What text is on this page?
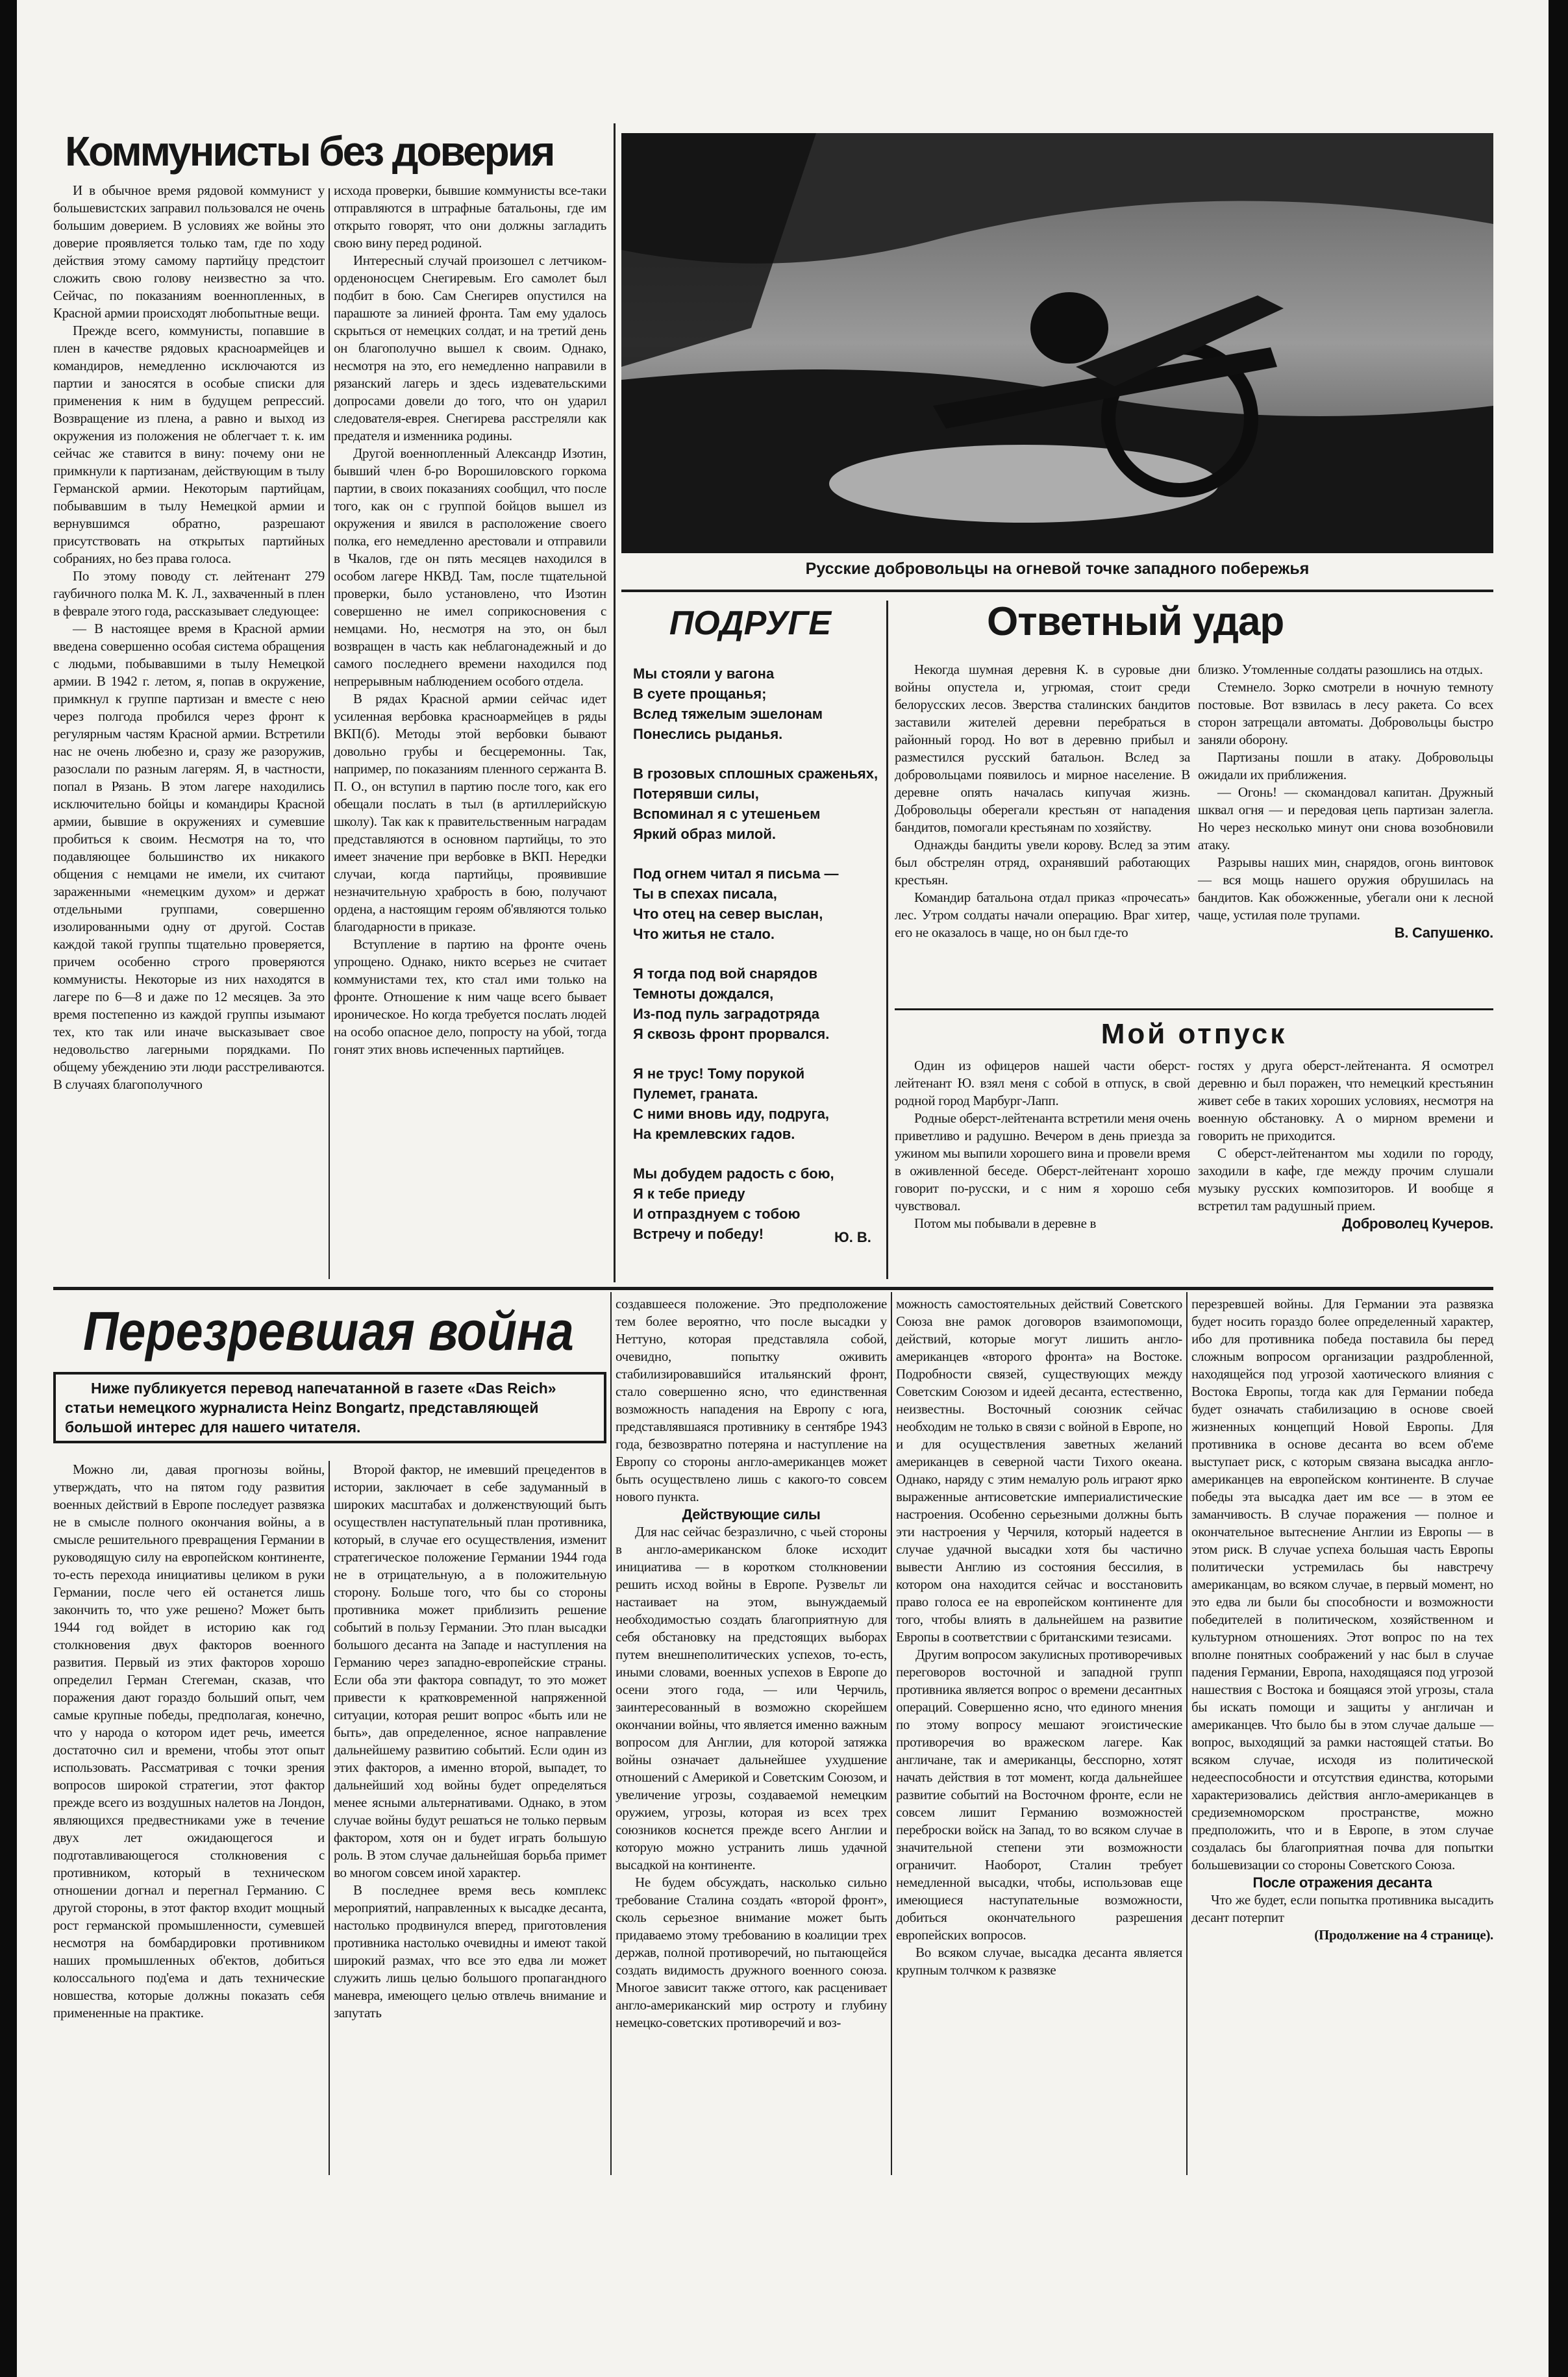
Коммунисты без доверия

И в обычное время рядовой коммунист у большевистских заправил пользовался не очень большим доверием. В условиях же войны это доверие проявляется только там, где по ходу действия этому самому партийцу предстоит сложить свою голову неизвестно за что. Сейчас, по показаниям военнопленных, в Красной армии происходят любопытные вещи.

Прежде всего, коммунисты, попавшие в плен в качестве рядовых красноармейцев и командиров, немедленно исключаются из партии и заносятся в особые списки для применения к ним в будущем репрессий. Возвращение из плена, а равно и выход из окружения из положения не облегчает т. к. им сейчас же ставится в вину: почему они не примкнули к партизанам, действующим в тылу Германской армии. Некоторым партийцам, побывавшим в тылу Немецкой армии и вернувшимся обратно, разрешают присутствовать на открытых партийных собраниях, но без права голоса.

По этому поводу ст. лейтенант 279 гаубичного полка М. К. Л., захваченный в плен в феврале этого года, рассказывает следующее:

— В настоящее время в Красной армии введена совершенно особая система обращения с людьми, побывавшими в тылу Немецкой армии. В 1942 г. летом, я, попав в окружение, примкнул к группе партизан и вместе с нею через полгода пробился через фронт к регулярным частям Красной армии. Встретили нас не очень любезно и, сразу же разоружив, разослали по разным лагерям. Я, в частности, попал в Рязань. В этом лагере находились исключительно бойцы и командиры Красной армии, бывшие в окружениях и сумевшие пробиться к своим. Несмотря на то, что подавляющее большинство их никакого общения с немцами не имели, их считают зараженными «немецким духом» и держат отдельными группами, совершенно изолированными одну от другой. Состав каждой такой группы тщательно проверяется, причем особенно строго проверяются коммунисты. Некоторые из них находятся в лагере по 6—8 и даже по 12 месяцев. За это время постепенно из каждой группы изымают тех, кто так или иначе высказывает свое недовольство лагерными порядками. По общему убеждению эти люди расстреливаются. В случаях благополучного

исхода проверки, бывшие коммунисты все-таки отправляются в штрафные батальоны, где им открыто говорят, что они должны загладить свою вину перед родиной.

Интересный случай произошел с летчиком-орденоносцем Снегиревым. Его самолет был подбит в бою. Сам Снегирев опустился на парашюте за линией фронта. Там ему удалось скрыться от немецких солдат, и на третий день он благополучно вышел к своим. Однако, несмотря на это, его немедленно направили в рязанский лагерь и здесь издевательскими допросами довели до того, что он ударил следователя-еврея. Снегирева расстреляли как предателя и изменника родины.

Другой военнопленный Александр Изотин, бывший член б-ро Ворошиловского горкома партии, в своих показаниях сообщил, что после того, как он с группой бойцов вышел из окружения и явился в расположение своего полка, его немедленно арестовали и отправили в Чкалов, где он пять месяцев находился в особом лагере НКВД. Там, после тщательной проверки, было установлено, что Изотин совершенно не имел соприкосновения с немцами. Но, несмотря на это, он был возвращен в часть как неблагонадежный и до самого последнего времени находился под непрерывным наблюдением особого отдела.

В рядах Красной армии сейчас идет усиленная вербовка красноармейцев в ряды ВКП(б). Методы этой вербовки бывают довольно грубы и бесцеремонны. Так, например, по показаниям пленного сержанта В. П. О., он вступил в партию после того, как его обещали послать в тыл (в артиллерийскую школу). Так как к правительственным наградам представляются в основном партийцы, то это имеет значение при вербовке в ВКП. Нередки случаи, когда партийцы, проявившие незначительную храбрость в бою, получают ордена, а настоящим героям об'являются только благодарности в приказе.

Вступление в партию на фронте очень упрощено. Однако, никто всерьез не считает коммунистами тех, кто стал ими только на фронте. Отношение к ним чаще всего бывает ироническое. Но когда требуется послать людей на особо опасное дело, попросту на убой, тогда гонят этих вновь испеченных партийцев.

Русские добровольцы на огневой точке западного побережья
ПОДРУГЕ
Мы стояли у вагона
В суете прощанья;
Вслед тяжелым эшелонам
Понеслись рыданья.
В грозовых сплошных сраженьях,
Потерявши силы,
Вспоминал я с утешеньем
Яркий образ милой.
Под огнем читал я письма —
Ты в спехах писала,
Что отец на север выслан,
Что житья не стало.
Я тогда под вой снарядов
Темноты дождался,
Из-под пуль заградотряда
Я сквозь фронт прорвался.
Я не трус! Тому порукой
Пулемет, граната.
С ними вновь иду, подруга,
На кремлевских гадов.
Мы добудем радость с бою,
Я к тебе приеду
И отпразднуем с тобою
Встречу и победу!	Ю. В.
Ответный удар

Некогда шумная деревня К. в суровые дни войны опустела и, угрюмая, стоит среди белорусских лесов. Зверства сталинских бандитов заставили жителей деревни перебраться в районный город. Но вот в деревню прибыл и разместился русский батальон. Вслед за добровольцами появилось и мирное население. В деревне опять началась кипучая жизнь. Добровольцы оберегали крестьян от нападения бандитов, помогали крестьянам по хозяйству.

Однажды бандиты увели корову. Вслед за этим был обстрелян отряд, охранявший работающих крестьян.

Командир батальона отдал приказ «прочесать» лес. Утром солдаты начали операцию. Враг хитер, его не оказалось в чаще, но он был где-то

близко. Утомленные солдаты разошлись на отдых.

Стемнело. Зорко смотрели в ночную темноту постовые. Вот взвилась в лесу ракета. Со всех сторон затрещали автоматы. Добровольцы быстро заняли оборону.

Партизаны пошли в атаку. Добровольцы ожидали их приближения.

— Огонь! — скомандовал капитан. Дружный шквал огня — и передовая цепь партизан залегла. Но через несколько минут они снова возобновили атаку.

Разрывы наших мин, снарядов, огонь винтовок — вся мощь нашего оружия обрушилась на бандитов. Как обожженные, убегали они к лесной чаще, устилая поле трупами.

В. Сапушенко.

Мой отпуск

Один из офицеров нашей части оберст-лейтенант Ю. взял меня с собой в отпуск, в свой родной город Марбург-Лапп.

Родные оберст-лейтенанта встретили меня очень приветливо и радушно. Вечером в день приезда за ужином мы выпили хорошего вина и провели время в оживленной беседе. Оберст-лейтенант хорошо говорит по-русски, и с ним я хорошо себя чувствовал.

Потом мы побывали в деревне в

гостях у друга оберст-лейтенанта. Я осмотрел деревню и был поражен, что немецкий крестьянин живет себе в таких хороших условиях, несмотря на военную обстановку. А о мирном времени и говорить не приходится.

С оберст-лейтенантом мы ходили по городу, заходили в кафе, где между прочим слушали музыку русских композиторов. И вообще я встретил там радушный прием.

Доброволец Кучеров.

Перезревшая война
Ниже публикуется перевод напечатанной в газете «Das Reich» статьи немецкого журналиста Heinz Bongartz, представляющей большой интерес для нашего читателя.

Можно ли, давая прогнозы войны, утверждать, что на пятом году развития военных действий в Европе последует развязка не в смысле полного окончания войны, а в смысле решительного превращения Германии в руководящую силу на европейском континенте, то-есть перехода инициативы целиком в руки Германии, после чего ей останется лишь закончить то, что уже решено? Может быть 1944 год войдет в историю как год столкновения двух факторов военного развития. Первый из этих факторов хорошо определил Герман Стегеман, сказав, что поражения дают гораздо больший опыт, чем самые крупные победы, предполагая, конечно, что у народа о котором идет речь, имеется достаточно сил и времени, чтобы этот опыт использовать. Рассматривая с точки зрения вопросов широкой стратегии, этот фактор прежде всего из воздушных налетов на Лондон, являющихся предвестниками уже в течение двух лет ожидающегося и подготавливающегося столкновения с противником, который в техническом отношении догнал и перегнал Германию. С другой стороны, в этот фактор входит мощный рост германской промышленности, сумевшей несмотря на бомбардировки противником наших промышленных об'ектов, добиться колоссального под'ема и дать технические новшества, которые должны показать себя примененные на практике.

Второй фактор, не имевший прецедентов в истории, заключает в себе задуманный в широких масштабах и долженствующий быть осуществлен наступательный план противника, который, в случае его осуществления, изменит стратегическое положение Германии 1944 года не в отрицательную, а в положительную сторону. Больше того, что бы со стороны противника может приблизить решение событий в пользу Германии. Это план высадки большого десанта на Западе и наступления на Германию через западно-европейские страны. Если оба эти фактора совпадут, то это может привести к кратковременной напряженной ситуации, которая решит вопрос «быть или не быть», дав определенное, ясное направление дальнейшему развитию событий. Если один из этих факторов, а именно второй, выпадет, то дальнейший ход войны будет определяться менее ясными альтернативами. Однако, в этом случае войны будут решаться не только первым фактором, хотя он и будет играть большую роль. В этом случае дальнейшая борьба примет во многом совсем иной характер.

В последнее время весь комплекс мероприятий, направленных к высадке десанта, настолько продвинулся вперед, приготовления противника настолько очевидны и имеют такой широкий размах, что все это едва ли может служить лишь целью большого пропагандного маневра, имеющего целью отвлечь внимание и запутать

создавшееся положение. Это предположение тем более вероятно, что после высадки у Неттуно, которая представляла собой, очевидно, попытку оживить стабилизировавшийся итальянский фронт, стало совершенно ясно, что единственная возможность нападения на Европу с юга, представлявшаяся противнику в сентябре 1943 года, безвозвратно потеряна и наступление на Европу со стороны англо-американцев может быть осуществлено лишь с какого-то совсем нового пункта.

Действующие силы

Для нас сейчас безразлично, с чьей стороны в англо-американском блоке исходит инициатива — в коротком столкновении решить исход войны в Европе. Рузвельт ли настаивает на этом, вынуждаемый необходимостью создать благоприятную для себя обстановку на предстоящих выборах путем внешнеполитических успехов, то-есть, иными словами, военных успехов в Европе до осени этого года, — или Черчиль, заинтересованный в возможно скорейшем окончании войны, что является именно важным вопросом для Англии, для которой затяжка войны означает дальнейшее ухудшение отношений с Америкой и Советским Союзом, и увеличение угрозы, создаваемой немецким оружием, угрозы, которая из всех трех союзников коснется прежде всего Англии и которую можно устранить лишь удачной высадкой на континенте.

Не будем обсуждать, насколько сильно требование Сталина создать «второй фронт», сколь серьезное внимание может быть придаваемо этому требованию в коалиции трех держав, полной противоречий, но пытающейся создать видимость дружного военного союза. Многое зависит также оттого, как расценивает англо-американский мир остроту и глубину немецко-советских противоречий и воз-

можность самостоятельных действий Советского Союза вне рамок договоров взаимопомощи, действий, которые могут лишить англо-американцев «второго фронта» на Востоке. Подробности связей, существующих между Советским Союзом и идеей десанта, естественно, неизвестны. Восточный союзник сейчас необходим не только в связи с войной в Европе, но и для осуществления заветных желаний американцев в северной части Тихого океана. Однако, наряду с этим немалую роль играют ярко выраженные антисоветские империалистические настроения. Особенно серьезными должны быть эти настроения у Черчиля, который надеется в случае удачной высадки хотя бы частично вывести Англию из состояния бессилия, в котором она находится сейчас и восстановить право голоса ее на европейском континенте для того, чтобы влиять в дальнейшем на развитие Европы в соответствии с британскими тезисами.

Другим вопросом закулисных противоречивых переговоров восточной и западной групп противника является вопрос о времени десантных операций. Совершенно ясно, что единого мнения по этому вопросу мешают эгоистические противоречия во вражеском лагере. Как англичане, так и американцы, бесспорно, хотят начать действия в тот момент, когда дальнейшее развитие событий на Восточном фронте, если не совсем лишит Германию возможностей переброски войск на Запад, то во всяком случае в значительной степени эти возможности ограничит. Наоборот, Сталин требует немедленной высадки, чтобы, использовав еще имеющиеся наступательные возможности, добиться окончательного разрешения европейских вопросов.

Во всяком случае, высадка десанта является крупным толчком к развязке

перезревшей войны. Для Германии эта развязка будет носить гораздо более определенный характер, ибо для противника победа поставила бы перед сложным вопросом организации раздробленной, находящейся под угрозой хаотического влияния с Востока Европы, тогда как для Германии победа будет означать стабилизацию в основе своей жизненных концепций Новой Европы. Для противника в основе десанта во всем об'еме выступает риск, с которым связана высадка англо-американцев на европейском континенте. В случае победы эта высадка дает им все — в этом ее заманчивость. В случае поражения — полное и окончательное вытеснение Англии из Европы — в этом риск. В случае успеха большая часть Европы политически устремилась бы навстречу американцам, во всяком случае, в первый момент, но это едва ли были бы способности и возможности победителей в политическом, хозяйственном и культурном отношениях. Этот вопрос по на тех вполне понятных соображений у нас был в случае падения Германии, Европа, находящаяся под угрозой нашествия с Востока и боящаяся этой угрозы, стала бы искать помощи и защиты у англичан и американцев. Что было бы в этом случае дальше — вопрос, выходящий за рамки настоящей статьи. Во всяком случае, исходя из политической недееспособности и отсутствия единства, которыми характеризовались действия англо-американцев в средиземноморском пространстве, можно предположить, что и в Европе, в этом случае создалась бы благоприятная почва для попытки большевизации со стороны Советского Союза.

После отражения десанта

Что же будет, если попытка противника высадить десант потерпит

(Продолжение на 4 странице).
